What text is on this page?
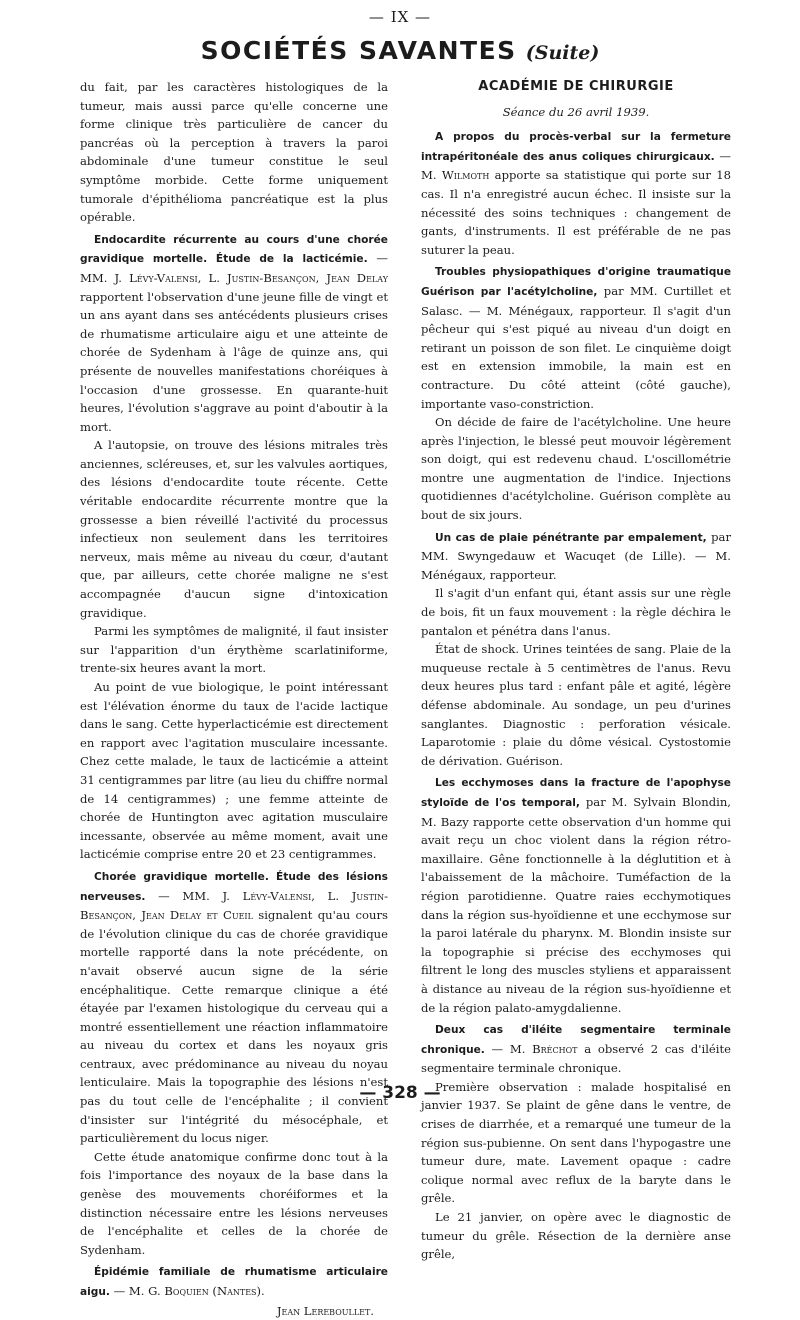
— IX —
SOCIÉTÉS SAVANTES (Suite)

du fait, par les caractères histologiques de la tumeur, mais aussi parce qu'elle concerne une forme clinique très particulière de cancer du pancréas où la perception à travers la paroi abdominale d'une tumeur constitue le seul symptôme morbide. Cette forme uniquement tumorale d'épithélioma pancréatique est la plus opérable.

Endocardite récurrente au cours d'une chorée gravidique mortelle. Étude de la lacticémie. — MM. J. Lévy-Valensi, L. Justin-Besançon, Jean Delay rapportent l'observation d'une jeune fille de vingt et un ans ayant dans ses antécédents plusieurs crises de rhumatisme articulaire aigu et une atteinte de chorée de Sydenham à l'âge de quinze ans, qui présente de nouvelles manifestations choréiques à l'occasion d'une grossesse. En quarante-huit heures, l'évolution s'aggrave au point d'aboutir à la mort.

A l'autopsie, on trouve des lésions mitrales très anciennes, scléreuses, et, sur les valvules aortiques, des lésions d'endocardite toute récente. Cette véritable endocardite récurrente montre que la grossesse a bien réveillé l'activité du processus infectieux non seulement dans les territoires nerveux, mais même au niveau du cœur, d'autant que, par ailleurs, cette chorée maligne ne s'est accompagnée d'aucun signe d'intoxication gravidique.

Parmi les symptômes de malignité, il faut insister sur l'apparition d'un érythème scarlatiniforme, trente-six heures avant la mort.

Au point de vue biologique, le point intéressant est l'élévation énorme du taux de l'acide lactique dans le sang. Cette hyperlacticémie est directement en rapport avec l'agitation musculaire incessante. Chez cette malade, le taux de lacticémie a atteint 31 centigrammes par litre (au lieu du chiffre normal de 14 centigrammes) ; une femme atteinte de chorée de Huntington avec agitation musculaire incessante, observée au même moment, avait une lacticémie comprise entre 20 et 23 centigrammes.

Chorée gravidique mortelle. Étude des lésions nerveuses. — MM. J. Lévy-Valensi, L. Justin-Besançon, Jean Delay et Cueil signalent qu'au cours de l'évolution clinique du cas de chorée gravidique mortelle rapporté dans la note précédente, on n'avait observé aucun signe de la série encéphalitique. Cette remarque clinique a été étayée par l'examen histologique du cerveau qui a montré essentiellement une réaction inflammatoire au niveau du cortex et dans les noyaux gris centraux, avec prédominance au niveau du noyau lenticulaire. Mais la topographie des lésions n'est pas du tout celle de l'encéphalite ; il convient d'insister sur l'intégrité du mésocéphale, et particulièrement du locus niger.

Cette étude anatomique confirme donc tout à la fois l'importance des noyaux de la base dans la genèse des mouvements choréiformes et la distinction nécessaire entre les lésions nerveuses de l'encéphalite et celles de la chorée de Sydenham.

Épidémie familiale de rhumatisme articulaire aigu. — M. G. Boquien (Nantes).

Jean Lereboullet.

ACADÉMIE DE CHIRURGIE
Séance du 26 avril 1939.

A propos du procès-verbal sur la fermeture intrapéritonéale des anus coliques chirurgicaux. — M. Wilmoth apporte sa statistique qui porte sur 18 cas. Il n'a enregistré aucun échec. Il insiste sur la nécessité des soins techniques : changement de gants, d'instruments. Il est préférable de ne pas suturer la peau.

Troubles physiopathiques d'origine traumatique Guérison par l'acétylcholine, par MM. Curtillet et Salasc. — M. Ménégaux, rapporteur. Il s'agit d'un pêcheur qui s'est piqué au niveau d'un doigt en retirant un poisson de son filet. Le cinquième doigt est en extension immobile, la main est en contracture. Du côté atteint (côté gauche), importante vaso-constriction.

On décide de faire de l'acétylcholine. Une heure après l'injection, le blessé peut mouvoir légèrement son doigt, qui est redevenu chaud. L'oscillométrie montre une augmentation de l'indice. Injections quotidiennes d'acétylcholine. Guérison complète au bout de six jours.

Un cas de plaie pénétrante par empalement, par MM. Swyngedauw et Wacuqet (de Lille). — M. Ménégaux, rapporteur.

Il s'agit d'un enfant qui, étant assis sur une règle de bois, fit un faux mouvement : la règle déchira le pantalon et pénétra dans l'anus.

État de shock. Urines teintées de sang. Plaie de la muqueuse rectale à 5 centimètres de l'anus. Revu deux heures plus tard : enfant pâle et agité, légère défense abdominale. Au sondage, un peu d'urines sanglantes. Diagnostic : perforation vésicale. Laparotomie : plaie du dôme vésical. Cystostomie de dérivation. Guérison.

Les ecchymoses dans la fracture de l'apophyse styloïde de l'os temporal, par M. Sylvain Blondin, M. Bazy rapporte cette observation d'un homme qui avait reçu un choc violent dans la région rétro-maxillaire. Gêne fonctionnelle à la déglutition et à l'abaissement de la mâchoire. Tuméfaction de la région parotidienne. Quatre raies ecchymotiques dans la région sus-hyoïdienne et une ecchymose sur la paroi latérale du pharynx. M. Blondin insiste sur la topographie si précise des ecchymoses qui filtrent le long des muscles styliens et apparaissent à distance au niveau de la région sus-hyoïdienne et de la région palato-amygdalienne.

Deux cas d'iléite segmentaire terminale chronique. — M. Bréchot a observé 2 cas d'iléite segmentaire terminale chronique.

Première observation : malade hospitalisé en janvier 1937. Se plaint de gêne dans le ventre, de crises de diarrhée, et a remarqué une tumeur de la région sus-pubienne. On sent dans l'hypogastre une tumeur dure, mate. Lavement opaque : cadre colique normal avec reflux de la baryte dans le grêle.

Le 21 janvier, on opère avec le diagnostic de tumeur du grêle. Résection de la dernière anse grêle,

— 328 —
